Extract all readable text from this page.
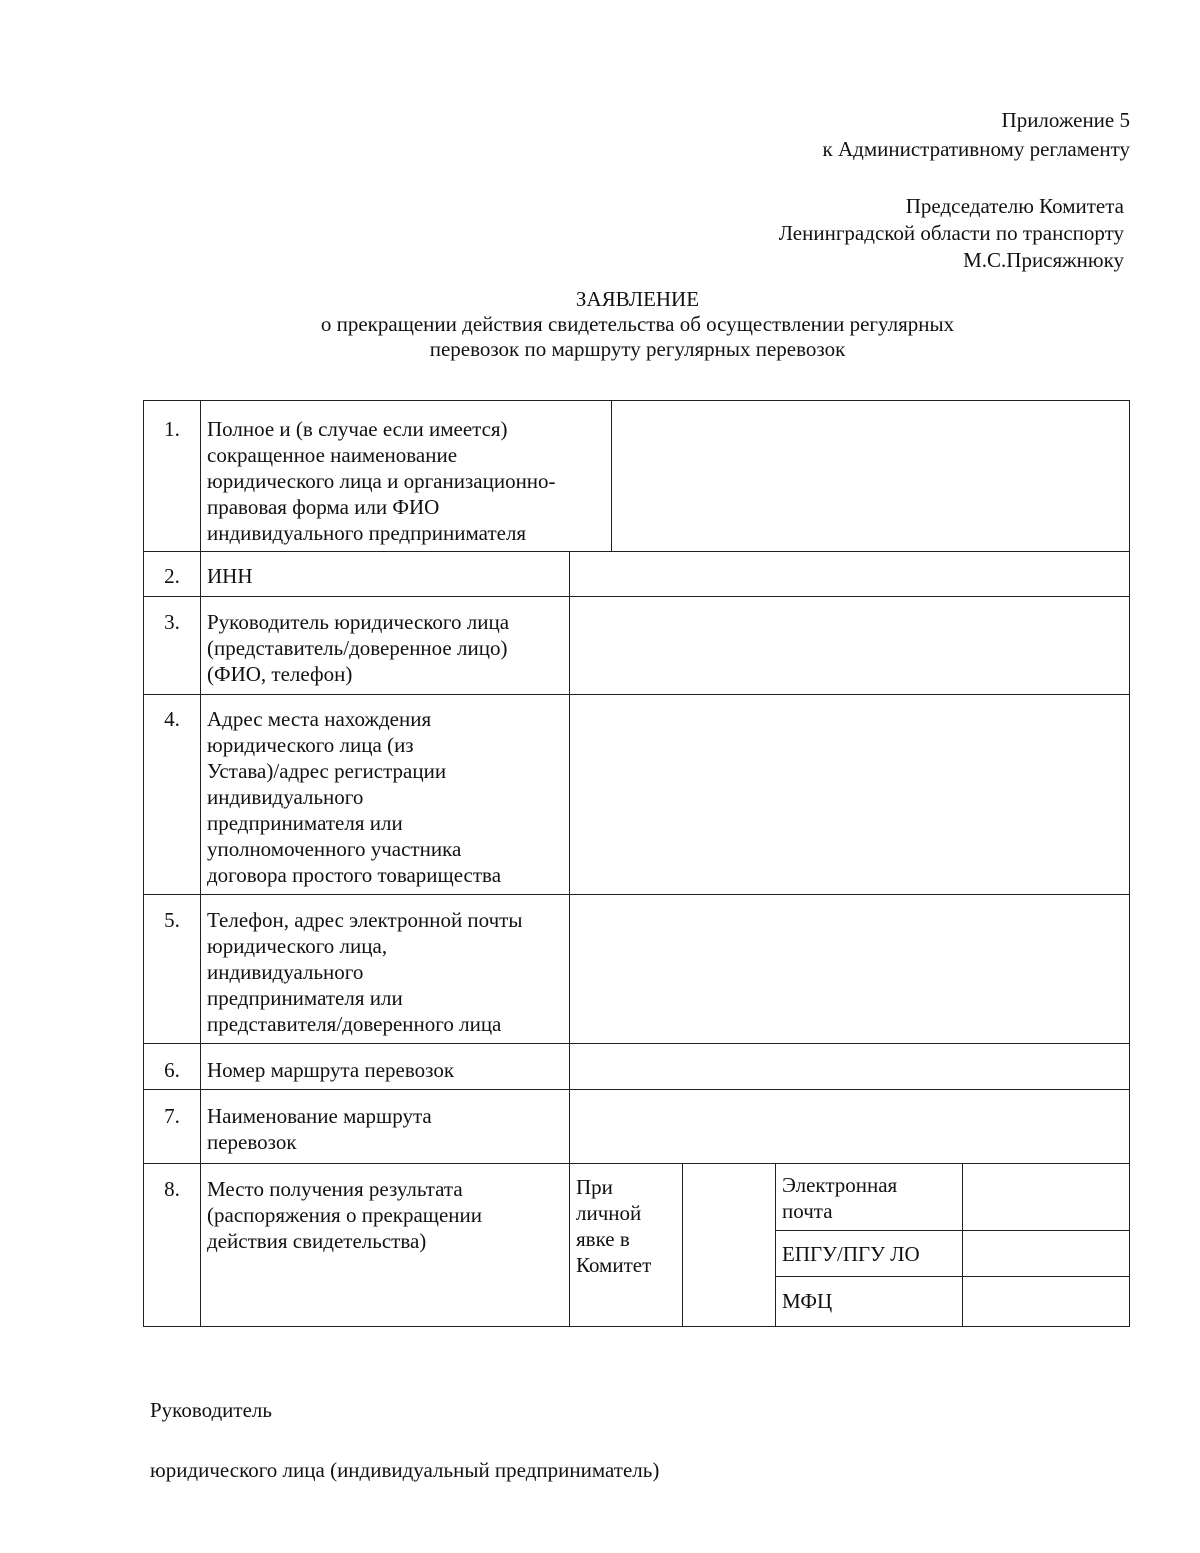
Приложение 5
к Административному регламенту
Председателю Комитета
Ленинградской области по транспорту
М.С.Присяжнюку
ЗАЯВЛЕНИЕ
о прекращении действия свидетельства об осуществлении регулярных
перевозок по маршруту регулярных перевозок
1.
2.
3.
4.
5.
6.
7.
8.
Полное и (в случае если имеется)
сокращенное наименование
юридического лица и организационно-
правовая форма или ФИО
индивидуального предпринимателя
ИНН
Руководитель юридического лица
(представитель/доверенное лицо)
(ФИО, телефон)
Адрес места нахождения
юридического лица (из
Устава)/адрес регистрации
индивидуального
предпринимателя или
уполномоченного участника
договора простого товарищества
Телефон, адрес электронной почты
юридического лица,
индивидуального
предпринимателя или
представителя/доверенного лица
Номер маршрута перевозок
Наименование маршрута
перевозок
Место получения результата
(распоряжения о прекращении
действия свидетельства)
При
личной
явке в
Комитет
Электронная
почта
ЕПГУ/ПГУ ЛО
МФЦ

Руководитель

юридического лица (индивидуальный предприниматель)
